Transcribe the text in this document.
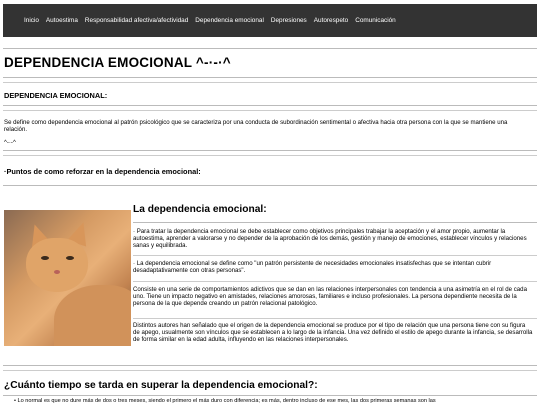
Inicio Autoestima Responsabilidad afectiva/afectividad Dependencia emocional Depresiones Autorespeto Comunicación
DEPENDENCIA EMOCIONAL ^-·-·^
DEPENDENCIA EMOCIONAL:
Se define como dependencia emocional al patrón psicológico que se caracteriza por una conducta de subordinación sentimental o afectiva hacia otra persona con la que se mantiene una relación.
^-·-^
·Puntos de como reforzar en la dependencia emocional:
La dependencia emocional:
· Para tratar la dependencia emocional se debe establecer como objetivos principales trabajar la aceptación y el amor propio, aumentar la autoestima, aprender a valorarse y no depender de la aprobación de los demás, gestión y manejo de emociones, establecer vínculos y relaciones sanas y equilibrada.
· La dependencia emocional se define como "un patrón persistente de necesidades emocionales insatisfechas que se intentan cubrir desadaptativamente con otras personas".
Consiste en una serie de comportamientos adictivos que se dan en las relaciones interpersonales con tendencia a una asimetría en el rol de cada uno. Tiene un impacto negativo en amistades, relaciones amorosas, familiares e incluso profesionales. La persona dependiente necesita de la persona de la que depende creando un patrón relacional patológico.
Distintos autores han señalado que el origen de la dependencia emocional se produce por el tipo de relación que una persona tiene con su figura de apego, usualmente son vínculos que se establecen a lo largo de la infancia. Una vez definido el estilo de apego durante la infancia, se desarrolla de forma similar en la edad adulta, influyendo en las relaciones interpersonales.
¿Cuánto tiempo se tarda en superar la dependencia emocional?:
• Lo normal es que no dure más de dos o tres meses, siendo el primero el más duro con diferencia; es más, dentro incluso de ese mes, las dos primeras semanas son las
